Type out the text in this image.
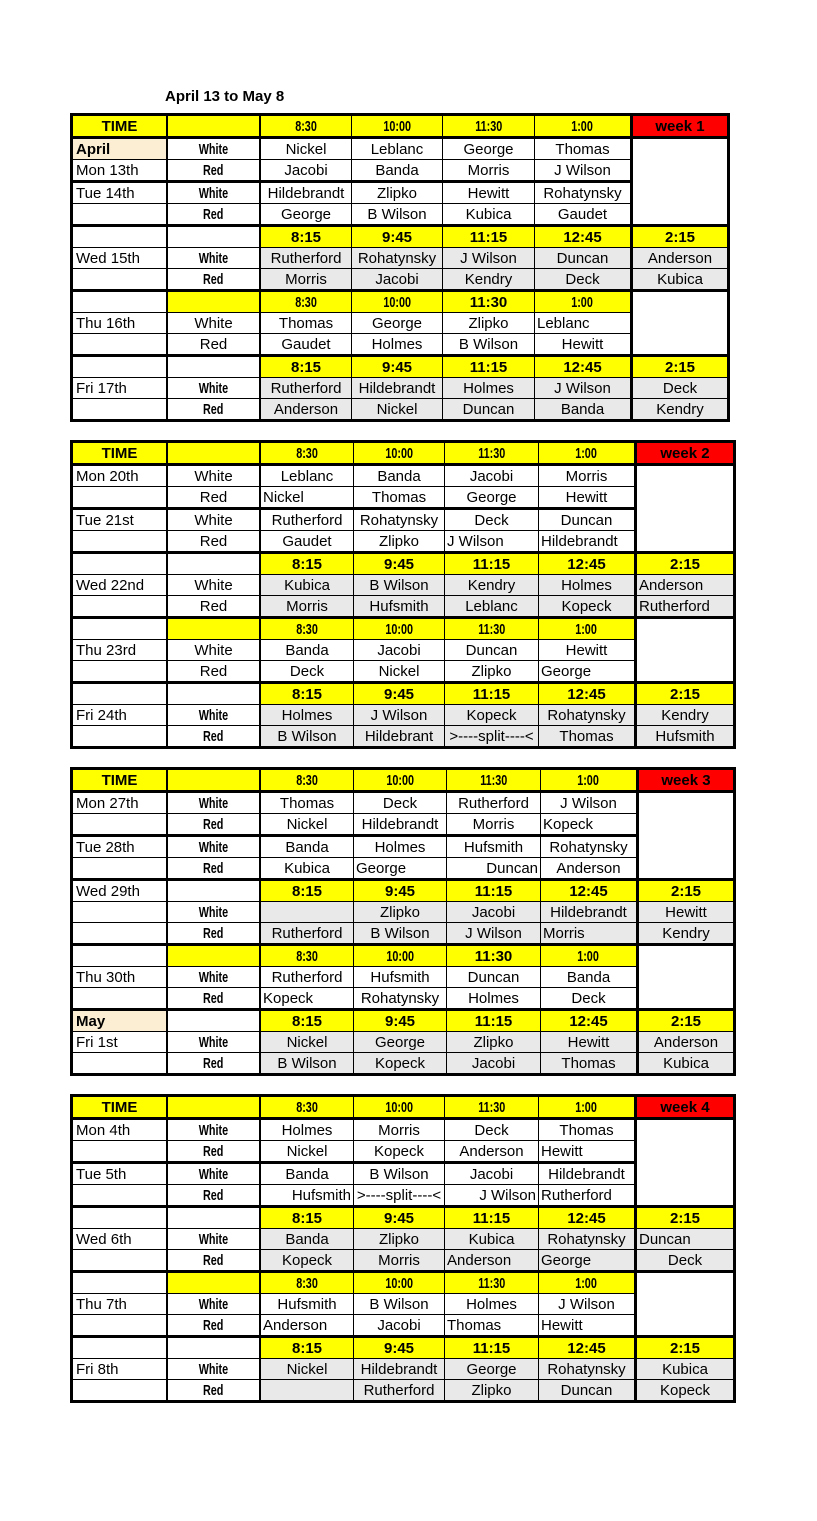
April 13 to May 8

TIME		8:30	10:00	11:30	1:00	week 1
April	White	Nickel	Leblanc	George	Thomas	
Mon 13th	Red	Jacobi	Banda	Morris	J Wilson	
Tue 14th	White	Hildebrandt	Zlipko	Hewitt	Rohatynsky	
	Red	George	B Wilson	Kubica	Gaudet	
		8:15	9:45	11:15	12:45	2:15
Wed 15th	White	Rutherford	Rohatynsky	J Wilson	Duncan	Anderson
	Red	Morris	Jacobi	Kendry	Deck	Kubica
		8:30	10:00	11:30	1:00	
Thu 16th	White	Thomas	George	Zlipko	Leblanc	
	Red	Gaudet	Holmes	B Wilson	Hewitt	
		8:15	9:45	11:15	12:45	2:15
Fri 17th	White	Rutherford	Hildebrandt	Holmes	J Wilson	Deck
	Red	Anderson	Nickel	Duncan	Banda	Kendry
TIME		8:30	10:00	11:30	1:00	week 2
Mon 20th	White	Leblanc	Banda	Jacobi	Morris	
	Red	Nickel	Thomas	George	Hewitt	
Tue 21st	White	Rutherford	Rohatynsky	Deck	Duncan	
	Red	Gaudet	Zlipko	J Wilson	Hildebrandt	
		8:15	9:45	11:15	12:45	2:15
Wed 22nd	White	Kubica	B Wilson	Kendry	Holmes	Anderson
	Red	Morris	Hufsmith	Leblanc	Kopeck	Rutherford
		8:30	10:00	11:30	1:00	
Thu 23rd	White	Banda	Jacobi	Duncan	Hewitt	
	Red	Deck	Nickel	Zlipko	George	
		8:15	9:45	11:15	12:45	2:15
Fri 24th	White	Holmes	J Wilson	Kopeck	Rohatynsky	Kendry
	Red	B Wilson	Hildebrant	>----split----<	Thomas	Hufsmith
TIME		8:30	10:00	11:30	1:00	week 3
Mon 27th	White	Thomas	Deck	Rutherford	J Wilson	
	Red	Nickel	Hildebrandt	Morris	Kopeck	
Tue 28th	White	Banda	Holmes	Hufsmith	Rohatynsky	
	Red	Kubica	George	Duncan	Anderson	
Wed 29th		8:15	9:45	11:15	12:45	2:15
	White		Zlipko	Jacobi	Hildebrandt	Hewitt
	Red	Rutherford	B Wilson	J Wilson	Morris	Kendry
		8:30	10:00	11:30	1:00	
Thu 30th	White	Rutherford	Hufsmith	Duncan	Banda	
	Red	Kopeck	Rohatynsky	Holmes	Deck	
May		8:15	9:45	11:15	12:45	2:15
Fri 1st	White	Nickel	George	Zlipko	Hewitt	Anderson
	Red	B Wilson	Kopeck	Jacobi	Thomas	Kubica
TIME		8:30	10:00	11:30	1:00	week 4
Mon 4th	White	Holmes	Morris	Deck	Thomas	
	Red	Nickel	Kopeck	Anderson	Hewitt	
Tue 5th	White	Banda	B Wilson	Jacobi	Hildebrandt	
	Red	Hufsmith	>----split----<	J Wilson	Rutherford	
		8:15	9:45	11:15	12:45	2:15
Wed 6th	White	Banda	Zlipko	Kubica	Rohatynsky	Duncan
	Red	Kopeck	Morris	Anderson	George	Deck
		8:30	10:00	11:30	1:00	
Thu 7th	White	Hufsmith	B Wilson	Holmes	J Wilson	
	Red	Anderson	Jacobi	Thomas	Hewitt	
		8:15	9:45	11:15	12:45	2:15
Fri 8th	White	Nickel	Hildebrandt	George	Rohatynsky	Kubica
	Red		Rutherford	Zlipko	Duncan	Kopeck
